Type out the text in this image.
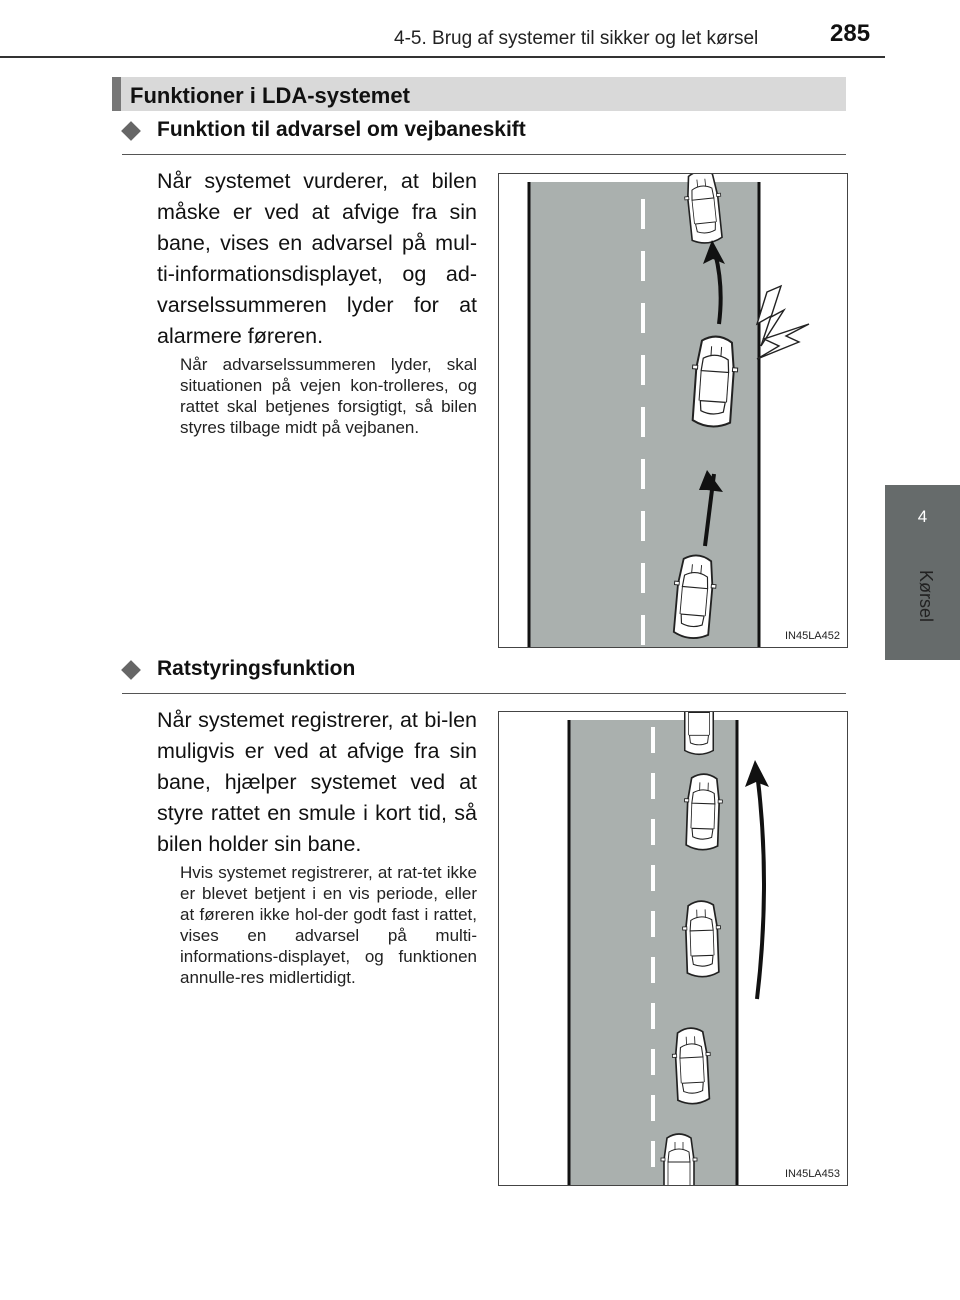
4-5. Brug af systemer til sikker og let kørsel	285
4
Kørsel
Funktioner i LDA-systemet
Funktion til advarsel om vejbaneskift
Når systemet vurderer, at bilen måske er ved at afvige fra sin bane, vises en advarsel på mul-ti-informationsdisplayet, og ad-varselssummeren lyder for at alarmere føreren.
Når advarselssummeren lyder, skal situationen på vejen kon-trolleres, og rattet skal betjenes forsigtigt, så bilen styres tilbage midt på vejbanen.
IN45LA452
Ratstyringsfunktion
Når systemet registrerer, at bi-len muligvis er ved at afvige fra sin bane, hjælper systemet ved at styre rattet en smule i kort tid, så bilen holder sin bane.
Hvis systemet registrerer, at rat-tet ikke er blevet betjent i en vis periode, eller at føreren ikke hol-der godt fast i rattet, vises en advarsel på multi-informations-displayet, og funktionen annulle-res midlertidigt.
IN45LA453
